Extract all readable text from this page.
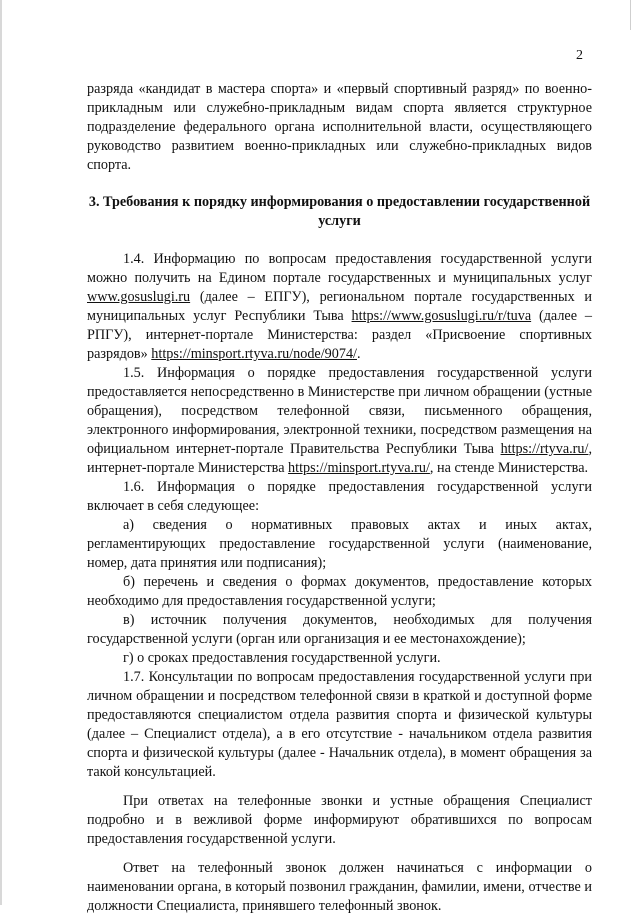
2

разряда «кандидат в мастера спорта» и «первый спортивный разряд» по военно-прикладным или служебно-прикладным видам спорта является структурное подразделение федерального органа исполнительной власти, осуществляющего руководство развитием военно-прикладных или служебно-прикладных видов спорта.

3. Требования к порядку информирования о предоставлении государственной услуги

1.4. Информацию по вопросам предоставления государственной услуги можно получить на Едином портале государственных и муниципальных услуг www.gosuslugi.ru (далее – ЕПГУ), региональном портале государственных и муниципальных услуг Республики Тыва https://www.gosuslugi.ru/r/tuva (далее – РПГУ), интернет-портале Министерства: раздел «Присвоение спортивных разрядов» https://minsport.rtyva.ru/node/9074/.

1.5. Информация о порядке предоставления государственной услуги предоставляется непосредственно в Министерстве при личном обращении (устные обращения), посредством телефонной связи, письменного обращения, электронного информирования, электронной техники, посредством размещения на официальном интернет-портале Правительства Республики Тыва https://rtyva.ru/, интернет-портале Министерства https://minsport.rtyva.ru/, на стенде Министерства.

1.6. Информация о порядке предоставления государственной услуги включает в себя следующее:

а) сведения о нормативных правовых актах и иных актах, регламентирующих предоставление государственной услуги (наименование, номер, дата принятия или подписания);

б) перечень и сведения о формах документов, предоставление которых необходимо для предоставления государственной услуги;

в) источник получения документов, необходимых для получения государственной услуги (орган или организация и ее местонахождение);

г) о сроках предоставления государственной услуги.

1.7. Консультации по вопросам предоставления государственной услуги при личном обращении и посредством телефонной связи в краткой и доступной форме предоставляются специалистом отдела развития спорта и физической культуры (далее – Специалист отдела), а в его отсутствие - начальником отдела развития спорта и физической культуры (далее - Начальник отдела), в момент обращения за такой консультацией.

При ответах на телефонные звонки и устные обращения Специалист подробно и в вежливой форме информируют обратившихся по вопросам предоставления государственной услуги.

Ответ на телефонный звонок должен начинаться с информации о наименовании органа, в который позвонил гражданин, фамилии, имени, отчестве и должности Специалиста, принявшего телефонный звонок.
